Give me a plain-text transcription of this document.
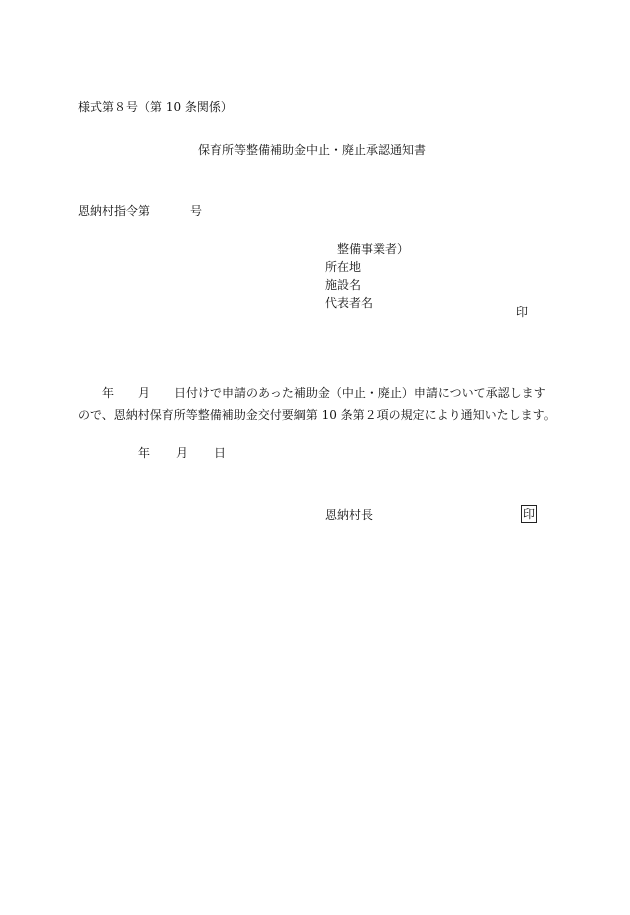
様式第８号（第 10 条関係）
保育所等整備補助金中止・廃止承認通知書
恩納村指令第	号
整備事業者）
所在地
施設名
代表者名
印
年 月 日付けで申請のあった補助金（中止・廃止）申請について承認します
ので、恩納村保育所等整備補助金交付要綱第 10 条第２項の規定により通知いたします。
年 月 日
恩納村長	印
